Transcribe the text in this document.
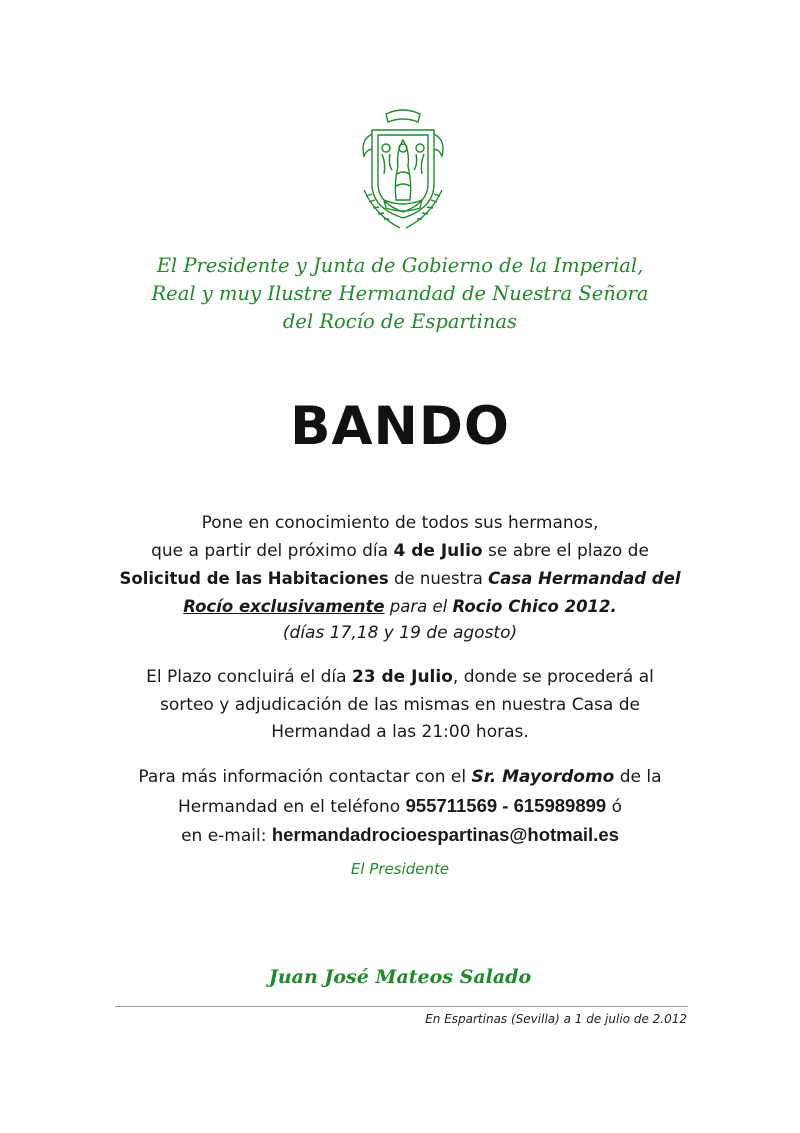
El Presidente y Junta de Gobierno de la Imperial,
Real y muy Ilustre Hermandad de Nuestra Señora
del Rocío de Espartinas
BANDO
Pone en conocimiento de todos sus hermanos,
que a partir del próximo día 4 de Julio se abre el plazo de
Solicitud de las Habitaciones de nuestra Casa Hermandad del
Rocío exclusivamente para el Rocio Chico 2012.
(días 17,18 y 19 de agosto)
El Plazo concluirá el día 23 de Julio, donde se procederá al
sorteo y adjudicación de las mismas en nuestra Casa de
Hermandad a las 21:00 horas.
Para más información contactar con el Sr. Mayordomo de la
Hermandad en el teléfono 955711569 - 615989899 ó
en e-mail: hermandadrocioespartinas@hotmail.es
El Presidente
Juan José Mateos Salado
En Espartinas (Sevilla) a 1 de julio de 2.012
